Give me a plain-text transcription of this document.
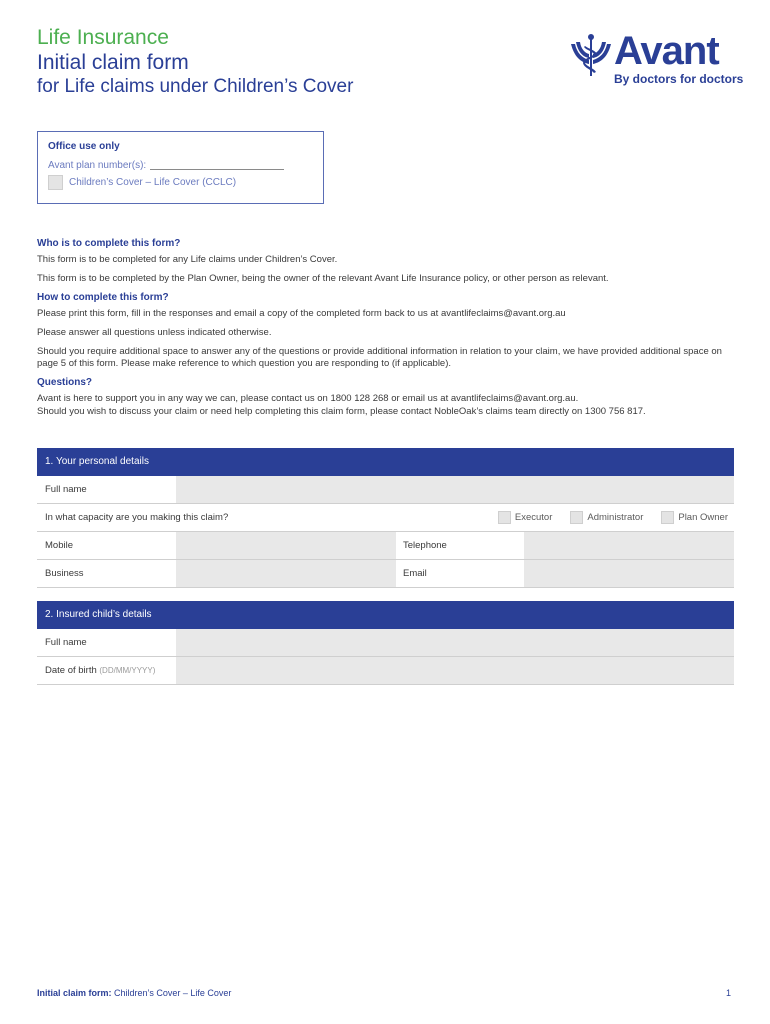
Life Insurance
Initial claim form
for Life claims under Children’s Cover
Avant
By doctors for doctors
Office use only
Avant plan number(s):
Children’s Cover – Life Cover (CCLC)
Who is to complete this form?
This form is to be completed for any Life claims under Children’s Cover.
This form is to be completed by the Plan Owner, being the owner of the relevant Avant Life Insurance policy, or other person as relevant.
How to complete this form?
Please print this form, fill in the responses and email a copy of the completed form back to us at avantlifeclaims@avant.org.au
Please answer all questions unless indicated otherwise.
Should you require additional space to answer any of the questions or provide additional information in relation to your claim, we have provided additional space on page 5 of this form. Please make reference to which question you are responding to (if applicable).
Questions?
Avant is here to support you in any way we can, please contact us on 1800 128 268 or email us at avantlifeclaims@avant.org.au.
Should you wish to discuss your claim or need help completing this claim form, please contact NobleOak’s claims team directly on 1300 756 817.
1. Your personal details
Full name
In what capacity are you making this claim?	Executor	Administrator	Plan Owner
Mobile	Telephone
Business	Email
2. Insured child’s details
Full name
Date of birth
(DD/MM/YYYY)
Initial claim form: Children’s Cover – Life Cover	1
